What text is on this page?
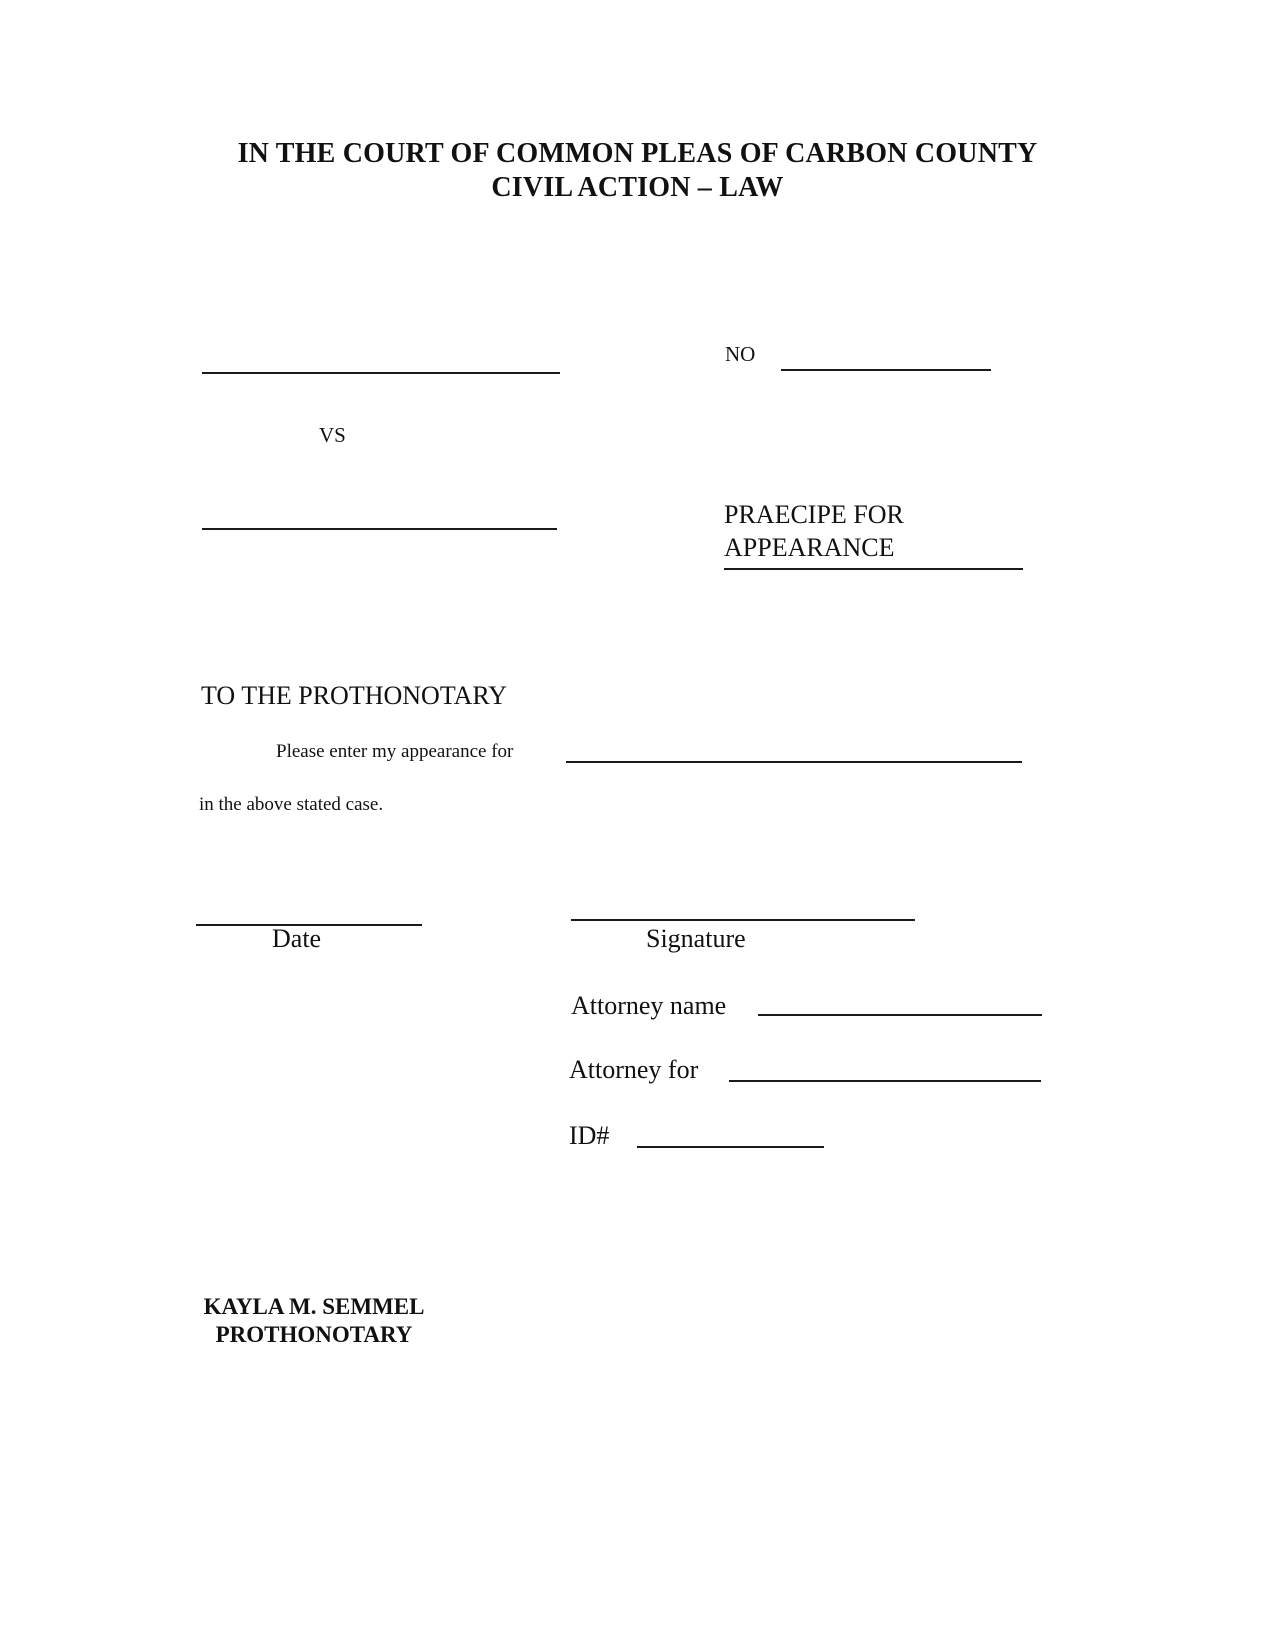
IN THE COURT OF COMMON PLEAS OF CARBON COUNTY
CIVIL ACTION – LAW
NO
VS
PRAECIPE FOR
APPEARANCE
TO THE PROTHONOTARY
Please enter my appearance for
in the above stated case.
Date	Signature
Attorney name
Attorney for
ID#
KAYLA M. SEMMEL
PROTHONOTARY
